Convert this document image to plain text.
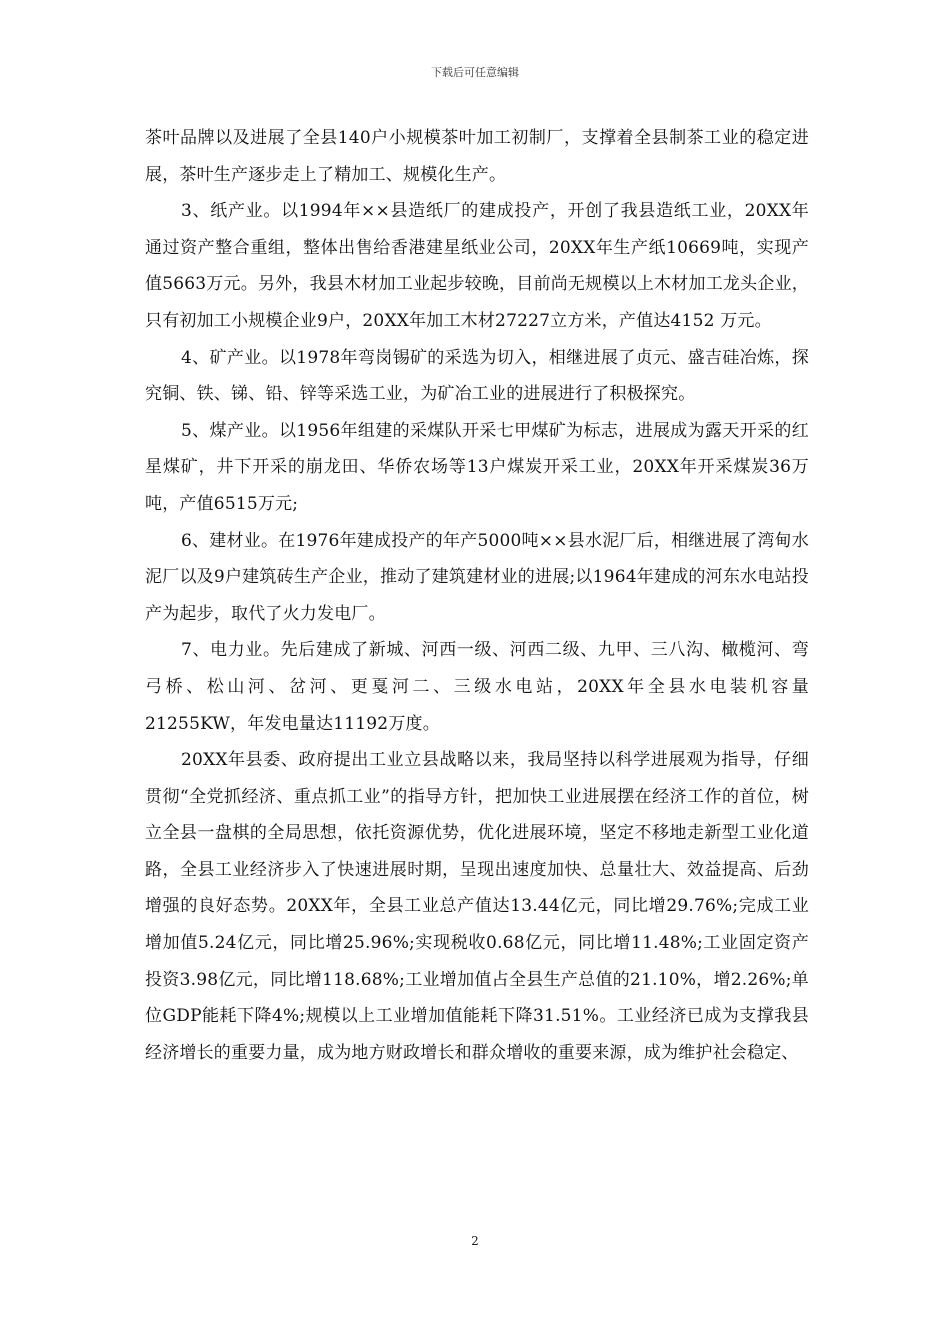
下载后可任意编辑

茶叶品牌以及进展了全县140户小规模茶叶加工初制厂，支撑着全县制茶工业的稳定进展，茶叶生产逐步走上了精加工、规模化生产。

3、纸产业。以1994年××县造纸厂的建成投产，开创了我县造纸工业，20XX年通过资产整合重组，整体出售给香港建星纸业公司，20XX年生产纸10669吨，实现产值5663万元。另外，我县木材加工业起步较晚，目前尚无规模以上木材加工龙头企业，只有初加工小规模企业9户，20XX年加工木材27227立方米，产值达4152 万元。

4、矿产业。以1978年弯岗锡矿的采选为切入，相继进展了贞元、盛吉硅冶炼，探究铜、铁、锑、铅、锌等采选工业，为矿冶工业的进展进行了积极探究。

5、煤产业。以1956年组建的采煤队开采七甲煤矿为标志，进展成为露天开采的红星煤矿，井下开采的崩龙田、华侨农场等13户煤炭开采工业，20XX年开采煤炭36万吨，产值6515万元;

6、建材业。在1976年建成投产的年产5000吨××县水泥厂后，相继进展了湾甸水泥厂以及9户建筑砖生产企业，推动了建筑建材业的进展;以1964年建成的河东水电站投产为起步，取代了火力发电厂。

7、电力业。先后建成了新城、河西一级、河西二级、九甲、三八沟、橄榄河、弯弓桥、松山河、岔河、更戛河二、三级水电站，20XX年全县水电装机容量21255KW，年发电量达11192万度。

20XX年县委、政府提出工业立县战略以来，我局坚持以科学进展观为指导，仔细贯彻“全党抓经济、重点抓工业”的指导方针，把加快工业进展摆在经济工作的首位，树立全县一盘棋的全局思想，依托资源优势，优化进展环境，坚定不移地走新型工业化道路，全县工业经济步入了快速进展时期，呈现出速度加快、总量壮大、效益提高、后劲增强的良好态势。20XX年，全县工业总产值达13.44亿元，同比增29.76%;完成工业增加值5.24亿元，同比增25.96%;实现税收0.68亿元，同比增11.48%;工业固定资产投资3.98亿元，同比增118.68%;工业增加值占全县生产总值的21.10%，增2.26%;单位GDP能耗下降4%;规模以上工业增加值能耗下降31.51%。工业经济已成为支撑我县经济增长的重要力量，成为地方财政增长和群众增收的重要来源，成为维护社会稳定、

2
